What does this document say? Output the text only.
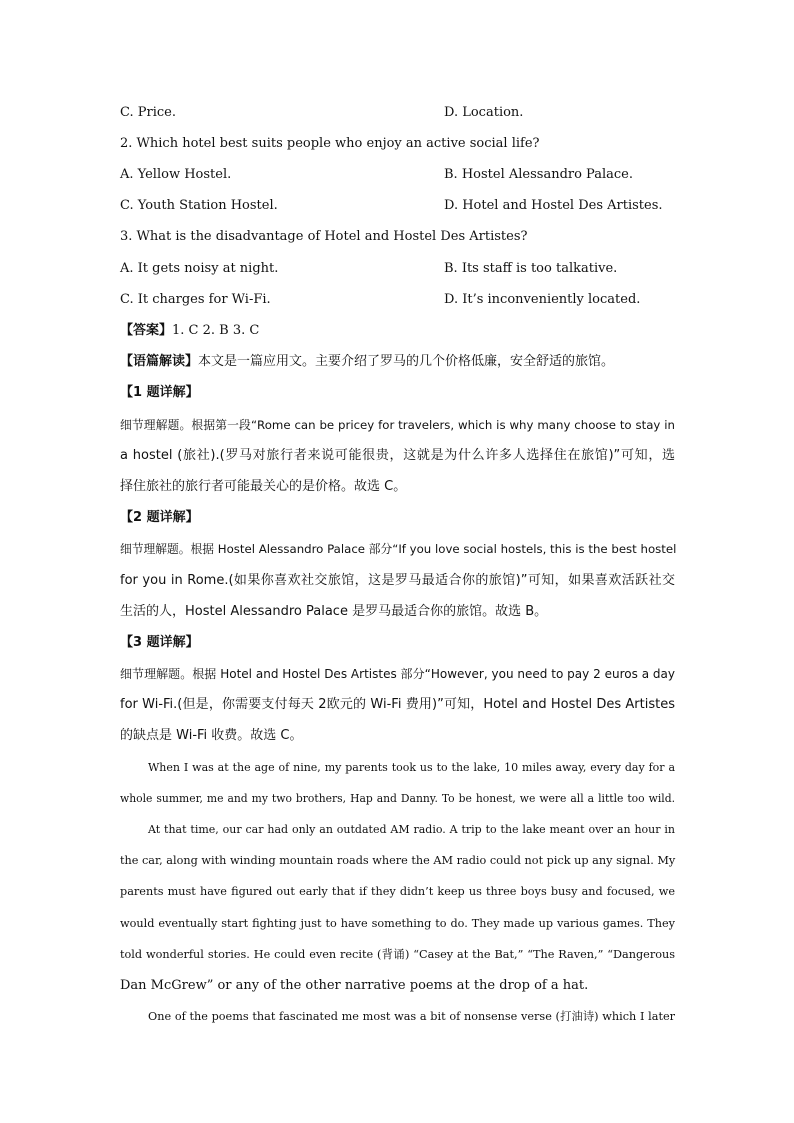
C. Price.	D. Location.
2. Which hotel best suits people who enjoy an active social life?
A. Yellow Hostel.	B. Hostel Alessandro Palace.
C. Youth Station Hostel.	D. Hotel and Hostel Des Artistes.
3. What is the disadvantage of Hotel and Hostel Des Artistes?
A. It gets noisy at night.	B. Its staff is too talkative.
C. It charges for Wi-Fi.	D. It’s inconveniently located.
【答案】1. C 2. B 3. C
【语篇解读】本文是一篇应用文。主要介绍了罗马的几个价格低廉，安全舒适的旅馆。
【1 题详解】
细节理解题。根据第一段“Rome can be pricey for travelers, which is why many choose to stay in
a hostel (旅社).(罗马对旅行者来说可能很贵，这就是为什么许多人选择住在旅馆)”可知，选
择住旅社的旅行者可能最关心的是价格。故选 C。
【2 题详解】
细节理解题。根据 Hostel Alessandro Palace 部分“If you love social hostels, this is the best hostel
for you in Rome.(如果你喜欢社交旅馆，这是罗马最适合你的旅馆)”可知，如果喜欢活跃社交
生活的人，Hostel Alessandro Palace 是罗马最适合你的旅馆。故选 B。
【3 题详解】
细节理解题。根据 Hotel and Hostel Des Artistes 部分“However, you need to pay 2 euros a day
for Wi-Fi.(但是，你需要支付每天 2欧元的 Wi-Fi 费用)”可知，Hotel and Hostel Des Artistes
的缺点是 Wi-Fi 收费。故选 C。
When I was at the age of nine, my parents took us to the lake, 10 miles away, every day for a
whole summer, me and my two brothers, Hap and Danny. To be honest, we were all a little too wild.
At that time, our car had only an outdated AM radio. A trip to the lake meant over an hour in
the car, along with winding mountain roads where the AM radio could not pick up any signal. My
parents must have figured out early that if they didn’t keep us three boys busy and focused, we
would eventually start fighting just to have something to do. They made up various games. They
told wonderful stories. He could even recite (背诵) “Casey at the Bat,” “The Raven,” “Dangerous
Dan McGrew” or any of the other narrative poems at the drop of a hat.
One of the poems that fascinated me most was a bit of nonsense verse (打油诗) which I later
